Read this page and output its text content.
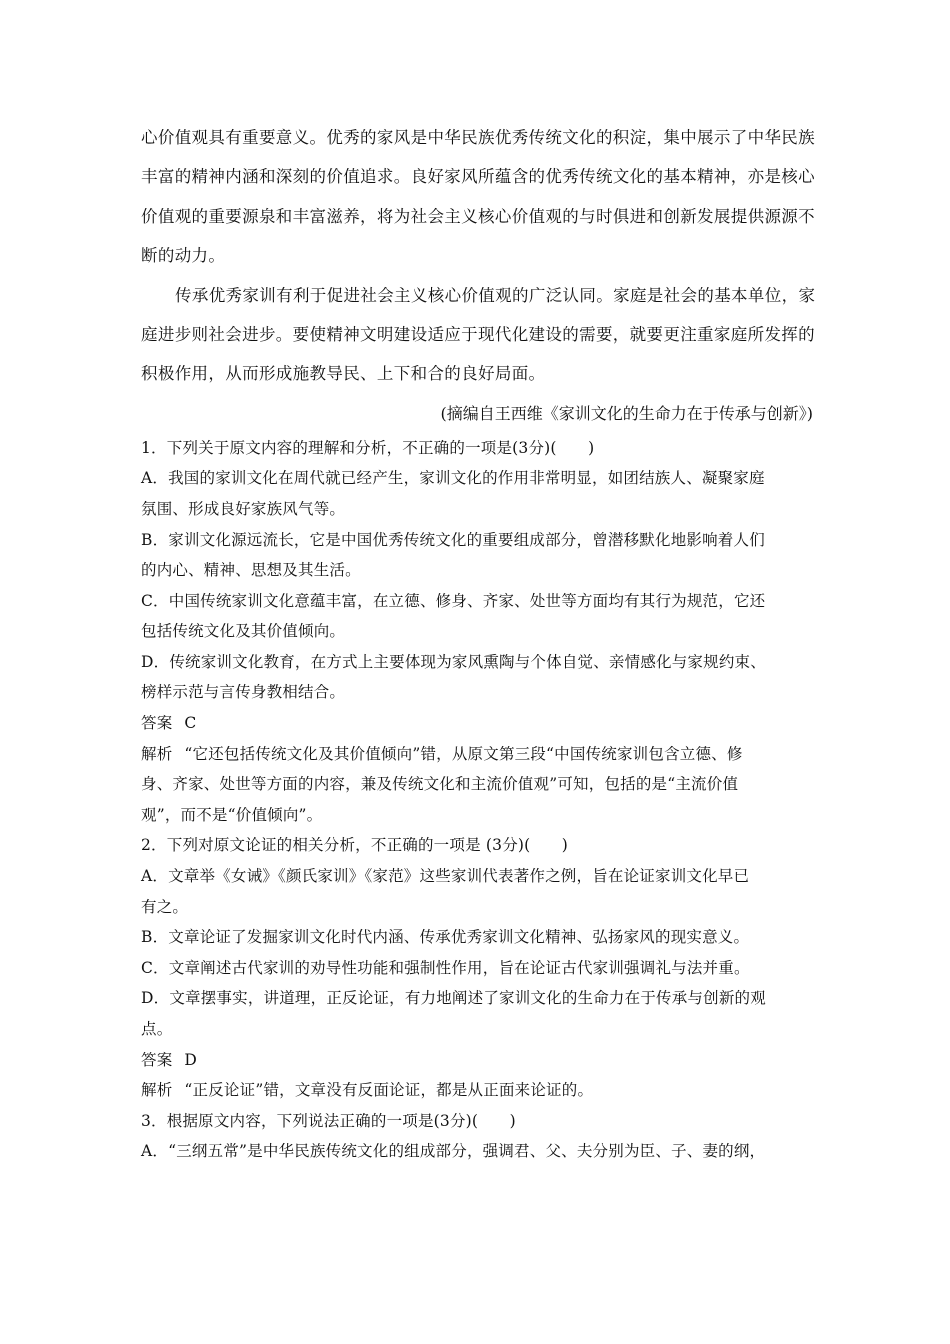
心价值观具有重要意义。优秀的家风是中华民族优秀传统文化的积淀，集中展示了中华民族
丰富的精神内涵和深刻的价值追求。良好家风所蕴含的优秀传统文化的基本精神，亦是核心
价值观的重要源泉和丰富滋养，将为社会主义核心价值观的与时俱进和创新发展提供源源不
断的动力。
传承优秀家训有利于促进社会主义核心价值观的广泛认同。家庭是社会的基本单位，家
庭进步则社会进步。要使精神文明建设适应于现代化建设的需要，就要更注重家庭所发挥的
积极作用，从而形成施教导民、上下和合的良好局面。
(摘编自王西维《家训文化的生命力在于传承与创新》)
1．下列关于原文内容的理解和分析，不正确的一项是(3分)(　　)
A．我国的家训文化在周代就已经产生，家训文化的作用非常明显，如团结族人、凝聚家庭
氛围、形成良好家族风气等。
B．家训文化源远流长，它是中国优秀传统文化的重要组成部分，曾潜移默化地影响着人们
的内心、精神、思想及其生活。
C．中国传统家训文化意蕴丰富，在立德、修身、齐家、处世等方面均有其行为规范，它还
包括传统文化及其价值倾向。
D．传统家训文化教育，在方式上主要体现为家风熏陶与个体自觉、亲情感化与家规约束、
榜样示范与言传身教相结合。
答案 C
解析 “它还包括传统文化及其价值倾向”错，从原文第三段“中国传统家训包含立德、修
身、齐家、处世等方面的内容，兼及传统文化和主流价值观”可知，包括的是“主流价值
观”，而不是“价值倾向”。
2．下列对原文论证的相关分析，不正确的一项是 (3分)(　　)
A．文章举《女诫》《颜氏家训》《家范》这些家训代表著作之例，旨在论证家训文化早已
有之。
B．文章论证了发掘家训文化时代内涵、传承优秀家训文化精神、弘扬家风的现实意义。
C．文章阐述古代家训的劝导性功能和强制性作用，旨在论证古代家训强调礼与法并重。
D．文章摆事实，讲道理，正反论证，有力地阐述了家训文化的生命力在于传承与创新的观
点。
答案 D
解析 “正反论证”错，文章没有反面论证，都是从正面来论证的。
3．根据原文内容，下列说法正确的一项是(3分)(　　)
A．“三纲五常”是中华民族传统文化的组成部分，强调君、父、夫分别为臣、子、妻的纲，
